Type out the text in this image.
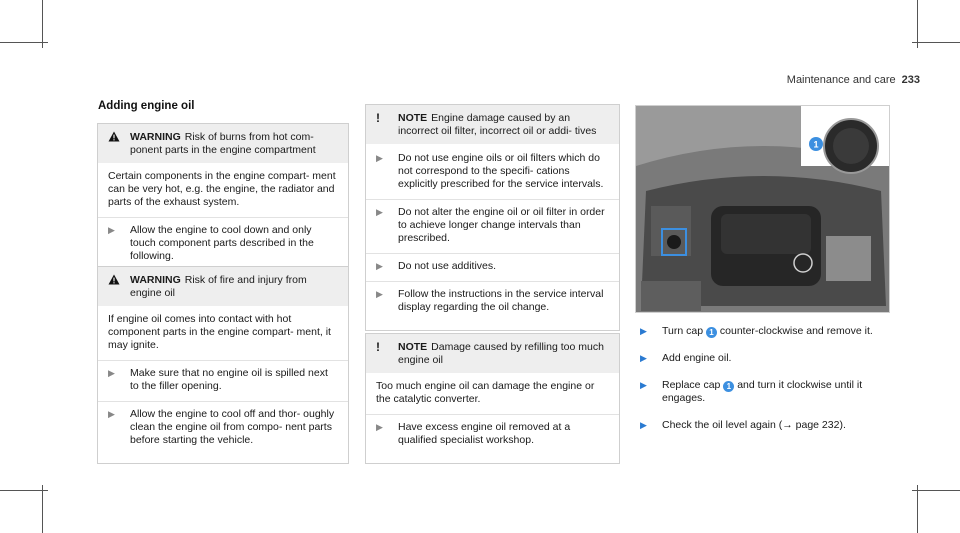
Maintenance and care 233
Adding engine oil
WARNING Risk of burns from hot com- ponent parts in the engine compartment

Certain components in the engine compart- ment can be very hot, e.g. the engine, the radiator and parts of the exhaust system.

▶	Allow the engine to cool down and only touch component parts described in the following.
WARNING Risk of fire and injury from engine oil

If engine oil comes into contact with hot component parts in the engine compart- ment, it may ignite.

▶	Make sure that no engine oil is spilled next to the filler opening.
▶	Allow the engine to cool off and thor- oughly clean the engine oil from compo- nent parts before starting the vehicle.
!	NOTE Engine damage caused by an incorrect oil filter, incorrect oil or addi- tives
▶	Do not use engine oils or oil filters which do not correspond to the specifi- cations explicitly prescribed for the service intervals.
▶	Do not alter the engine oil or oil filter in order to achieve longer change intervals than prescribed.
▶	Do not use additives.
▶	Follow the instructions in the service interval display regarding the oil change.
!	NOTE Damage caused by refilling too much engine oil

Too much engine oil can damage the engine or the catalytic converter.

▶	Have excess engine oil removed at a qualified specialist workshop.
1
▶	Turn cap 1 counter-clockwise and remove it.
▶	Add engine oil.
▶	Replace cap 1 and turn it clockwise until it engages.
▶	Check the oil level again (→ page 232).
